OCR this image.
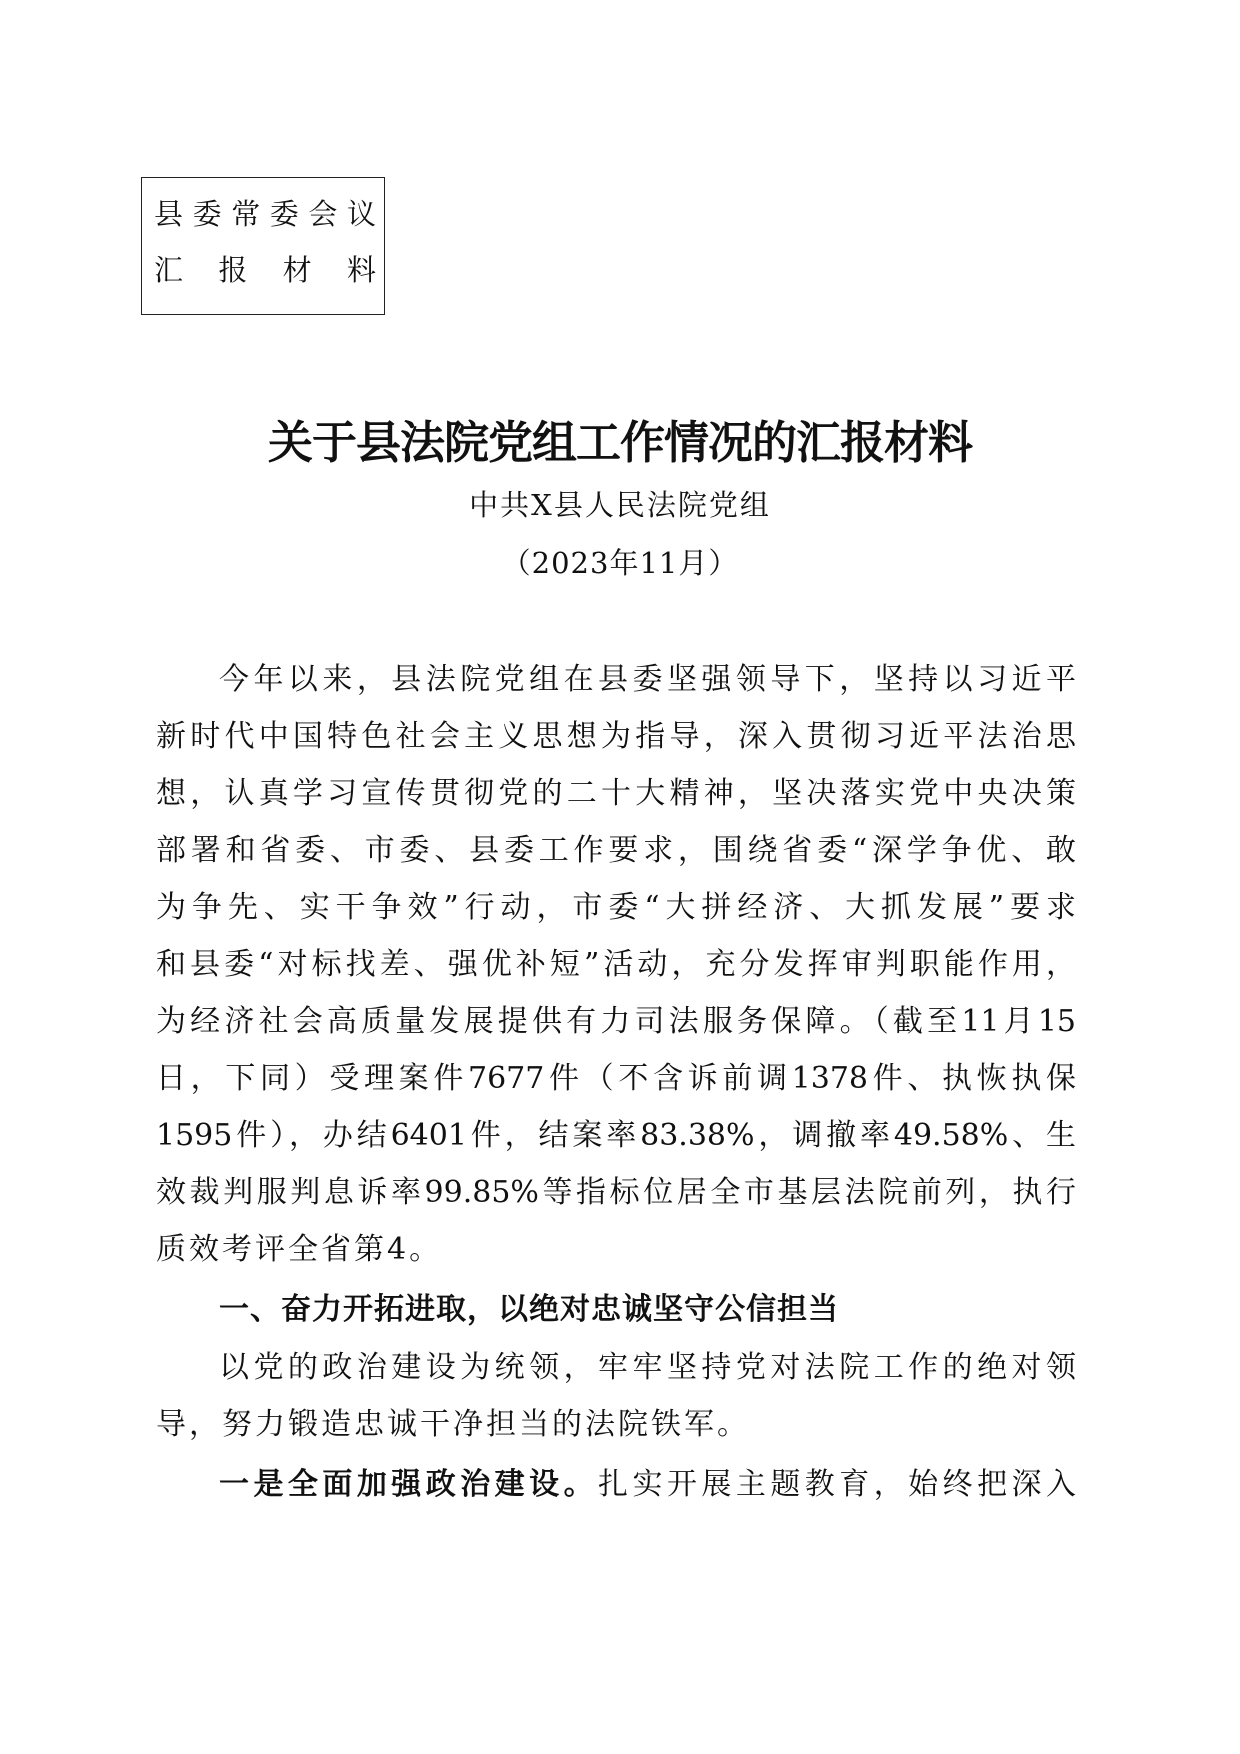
县 委 常 委 会 议
汇 报 材 料
关于县法院党组工作情况的汇报材料
中共X县人民法院党组
（2023年11月）
今年以来，县法院党组在县委坚强领导下，坚持以习近平
新时代中国特色社会主义思想为指导，深入贯彻习近平法治思
想，认真学习宣传贯彻党的二十大精神，坚决落实党中央决策
部署和省委、市委、县委工作要求，围绕省委“深学争优、敢
为争先、实干争效”行动，市委“大拼经济、大抓发展”要求
和县委“对标找差、强优补短”活动，充分发挥审判职能作用，
为经济社会高质量发展提供有力司法服务保障。（截至11月15
日，下同）受理案件7677件（不含诉前调1378件、执恢执保
1595件），办结6401件，结案率83.38%，调撤率49.58%、生
效裁判服判息诉率99.85%等指标位居全市基层法院前列，执行
质效考评全省第4。
一、奋力开拓进取，以绝对忠诚坚守公信担当
以党的政治建设为统领，牢牢坚持党对法院工作的绝对领
导，努力锻造忠诚干净担当的法院铁军。
一是全面加强政治建设。扎实开展主题教育，始终把深入
